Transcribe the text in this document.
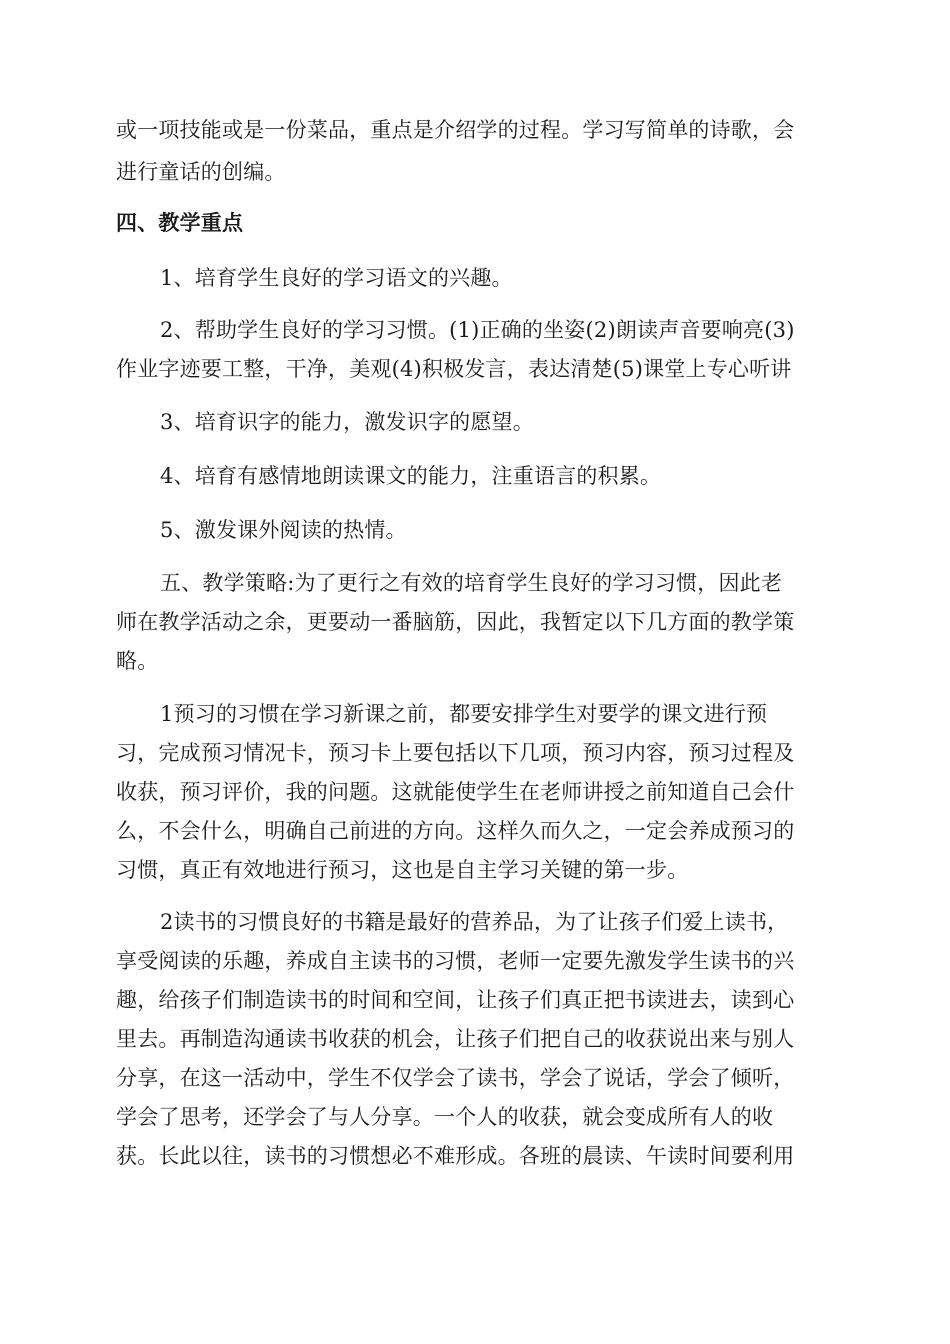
或一项技能或是一份菜品，重点是介绍学的过程。学习写简单的诗歌，会
进行童话的创编。
四、教学重点
1、培育学生良好的学习语文的兴趣。
2、帮助学生良好的学习习惯。(1)正确的坐姿(2)朗读声音要响亮(3)
作业字迹要工整，干净，美观(4)积极发言，表达清楚(5)课堂上专心听讲
3、培育识字的能力，激发识字的愿望。
4、培育有感情地朗读课文的能力，注重语言的积累。
5、激发课外阅读的热情。
五、教学策略:为了更行之有效的培育学生良好的学习习惯，因此老
师在教学活动之余，更要动一番脑筋，因此，我暂定以下几方面的教学策
略。
1预习的习惯在学习新课之前，都要安排学生对要学的课文进行预
习，完成预习情况卡，预习卡上要包括以下几项，预习内容，预习过程及
收获，预习评价，我的问题。这就能使学生在老师讲授之前知道自己会什
么，不会什么，明确自己前进的方向。这样久而久之，一定会养成预习的
习惯，真正有效地进行预习，这也是自主学习关键的第一步。
2读书的习惯良好的书籍是最好的营养品，为了让孩子们爱上读书，
享受阅读的乐趣，养成自主读书的习惯，老师一定要先激发学生读书的兴
趣，给孩子们制造读书的时间和空间，让孩子们真正把书读进去，读到心
里去。再制造沟通读书收获的机会，让孩子们把自己的收获说出来与别人
分享，在这一活动中，学生不仅学会了读书，学会了说话，学会了倾听，
学会了思考，还学会了与人分享。一个人的收获，就会变成所有人的收
获。长此以往，读书的习惯想必不难形成。各班的晨读、午读时间要利用
